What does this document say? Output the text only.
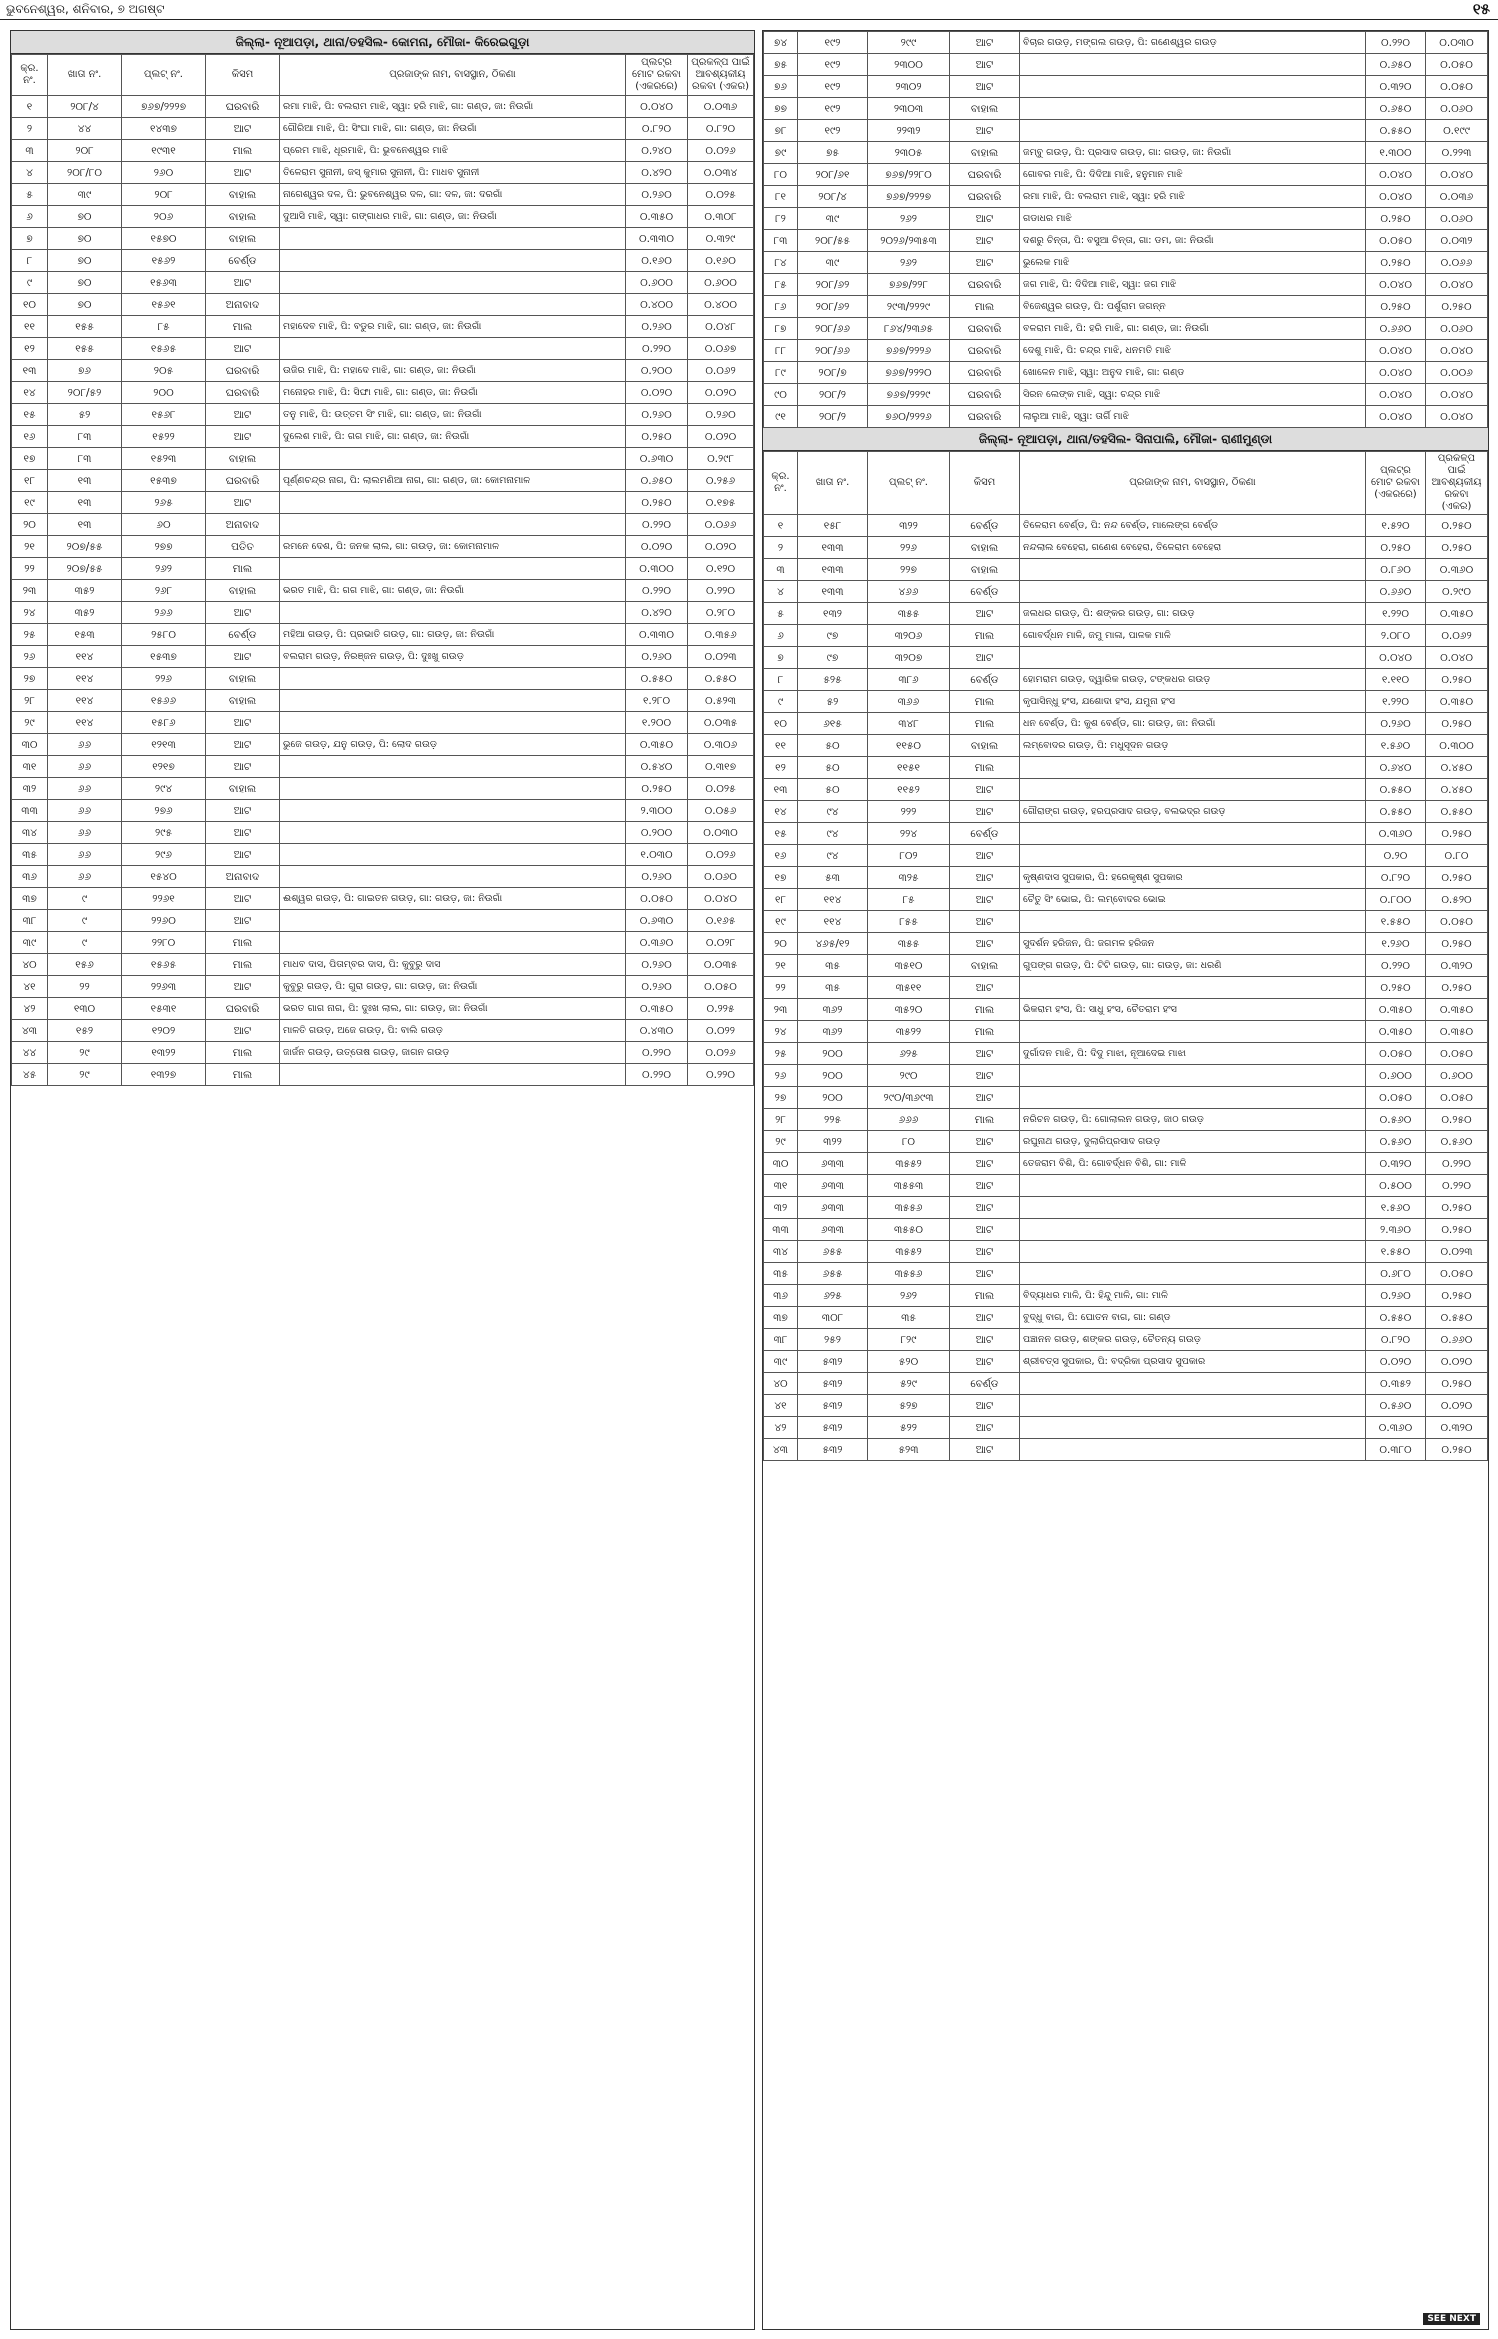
ଭୁବନେଶ୍ୱର, ଶନିବାର, ୭ ଅଗଷ୍ଟ	୧୫
ଜିଲ୍ଲା- ନୂଆପଡ଼ା, ଥାନା/ତହସିଲ- କୋମନା, ମୌଜା- କିରେଇଗୁଡ଼ା
କ୍ର. ନଂ.	ଖାତା ନଂ.	ପ୍ଲଟ୍ ନଂ.	କିସମ	ପ୍ରଜାଙ୍କ ନାମ, ବାସସ୍ଥାନ, ଠିକଣା	ପ୍ଲଟ୍‌ର ମୋଟ ରକବା (ଏକରରେ)	ପ୍ରକଳ୍ପ ପାଇଁ ଆବଶ୍ୟକୀୟ ରକବା (ଏକର)
୧	୨୦୮/୪	୭୬୭/୨୨୨୭	ଘରବାରି	ରମା ମାଝି, ପି: ବଲରାମ ମାଝି, ସ୍ୱା: ହରି ମାଝି, ଗା: ଗଣ୍ଡ, ଜା: ନିଉଗାଁ	୦.୦୪୦	୦.୦୩୬
୨	୪୪	୧୪୩୭	ଆଟ	ଗୌରିଆ ମାଝି, ପି: ସିଂଘା ମାଝି, ଗା: ଗଣ୍ଡ, ଜା: ନିଉଗାଁ	୦.୮୨୦	୦.୮୨୦
୩	୨୦୮	୧୯୩୧	ମାଲ	ପ୍ରେମ ମାଝି, ଧୂରମାଝି, ପି: ଭୁବନେଶ୍ୱର ମାଝି	୦.୨୪୦	୦.୦୨୬
୪	୨୦୮/୮୦	୨୬୦	ଆଟ	ତିଳେରାମ ସୁନାନୀ, ଜସ୍ କୁମାର ସୁନାନୀ, ପି: ମାଧବ ସୁନାନୀ	୦.୪୨୦	୦.୦୩୪
୫	୩୯	୨୦୮	ବାହାଲ	ନାଗେଶ୍ୱର ଦଳ, ପି: ଭୁବନେଶ୍ୱର ଦଳ, ଗା: ଦଳ, ଜା: ଦରଗାଁ	୦.୨୬୦	୦.୦୨୫
୬	୭୦	୨୦୬	ବାହାଲ	ଦୁଆସି ମାଝି, ସ୍ୱା: ଗଙ୍ଗାଧର ମାଝି, ଗା: ଗଣ୍ଡ, ଜା: ନିଉଗାଁ	୦.୩୫୦	୦.୩୦୮
୭	୭୦	୧୫୭୦	ବାହାଲ		୦.୩୩୦	୦.୩୨୯
୮	୭୦	୧୫୬୨	ବେର୍ଣ୍ଡ		୦.୧୬୦	୦.୧୬୦
୯	୭୦	୧୫୬୩	ଆଟ		୦.୬୦୦	୦.୬୦୦
୧୦	୭୦	୧୫୬୧	ଅନାବାଦ		୦.୪୦୦	୦.୪୦୦
୧୧	୧୫୫	୮୫	ମାଲ	ମହାଦେବ ମାଝି, ପି: ବଡୁର ମାଝି, ଗା: ଗଣ୍ଡ, ଜା: ନିଉଗାଁ	୦.୨୬୦	୦.୦୪୮
୧୨	୧୫୫	୧୫୬୫	ଆଟ		୦.୨୨୦	୦.୦୬୭
୧୩	୭୬	୨୦୫	ଘରବାରି	ଉଜିର ମାଝି, ପି: ମହାଦେ ମାଝି, ଗା: ଗଣ୍ଡ, ଜା: ନିଉଗାଁ	୦.୨୦୦	୦.୦୬୨
୧୪	୨୦୮/୫୨	୨୦୦	ଘରବାରି	ମନୋହର ମାଝି, ପି: ସିଙ୍ଘା ମାଝି, ଗା: ଗଣ୍ଡ, ଜା: ନିଉଗାଁ	୦.୦୨୦	୦.୦୨୦
୧୫	୫୨	୧୫୬୮	ଆଟ	ତନୁ ମାଝି, ପି: ଉତ୍ତମ ସିଂ ମାଝି, ଗା: ଗଣ୍ଡ, ଜା: ନିଉଗାଁ	୦.୨୬୦	୦.୨୬୦
୧୬	୮୩	୧୫୨୨	ଆଟ	ଦୁଲେଶ ମାଝି, ପି: ଗଗ ମାଝି, ଗା: ଗଣ୍ଡ, ଜା: ନିଉଗାଁ	୦.୨୫୦	୦.୦୨୦
୧୭	୮୩	୧୫୨୩	ବାହାଲ		୦.୬୩୦	୦.୨୯୮
୧୮	୧୩	୧୫୩୭	ଘରବାରି	ପୂର୍ଣ୍ଣଚନ୍ଦ୍ର ନାଗ, ପି: ଲାଲମଣିଆ ନାଗ, ଗା: ଗଣ୍ଡ, ଜା: କୋମନାମାଳ	୦.୬୫୦	୦.୨୫୬
୧୯	୧୩	୨୬୫	ଆଟ		୦.୨୫୦	୦.୧୭୫
୨୦	୧୩	୬୦	ଅନାବାଦ		୦.୨୨୦	୦.୦୬୬
୨୧	୨୦୭/୫୫	୨୭୭	ପତିତ	ରମନେ ଦେଶ, ପି: ଜନକ ଲାଲ, ଗା: ଗଉଡ଼, ଜା: କୋମନାମାଳ	୦.୦୨୦	୦.୦୨୦
୨୨	୨୦୭/୫୫	୨୬୨	ମାଲ		୦.୩୦୦	୦.୧୨୦
୨୩	୩୫୨	୨୬୮	ବାହାଲ	ଭରତ ମାଝି, ପି: ଗଗ ମାଝି, ଗା: ଗଣ୍ଡ, ଜା: ନିଉଗାଁ	୦.୨୨୦	୦.୨୨୦
୨୪	୩୫୨	୨୬୬	ଆଟ		୦.୪୨୦	୦.୨୮୦
୨୫	୧୫୩	୨୫୮୦	ବେର୍ଣ୍ଡ	ମହିଆ ଗଉଡ଼, ପି: ପ୍ରଭାତି ଗଉଡ଼, ଗା: ଗଉଡ଼, ଜା: ନିଉଗାଁ	୦.୩୩୦	୦.୩୫୬
୨୬	୧୧୪	୧୫୩୭	ଆଟ	ବଲରାମ ଗଉଡ଼, ନିରଞ୍ଜନ ଗଉଡ଼, ପି: ଦୁଃଖୁ ଗଉଡ଼	୦.୨୬୦	୦.୦୨୩
୨୭	୧୧୪	୨୨୬	ବାହାଲ		୦.୫୫୦	୦.୫୫୦
୨୮	୧୧୪	୧୫୬୬	ବାହାଲ		୧.୨୮୦	୦.୫୨୩
୨୯	୧୧୪	୧୫୮୬	ଆଟ		୧.୨୦୦	୦.୦୩୫
୩୦	୬୬	୧୨୧୩	ଆଟ	ଭୁଜେ ଗଉଡ଼, ଯନୁ ଗଉଡ଼, ପି: ଲୋଦ ଗଉଡ଼	୦.୩୫୦	୦.୩୦୬
୩୧	୬୬	୧୨୧୭	ଆଟ		୦.୫୪୦	୦.୩୧୭
୩୨	୬୬	୨୯୪	ବାହାଲ		୦.୨୫୦	୦.୦୨୫
୩୩	୬୬	୨୭୬	ଆଟ		୨.୩୦୦	୦.୦୫୬
୩୪	୬୬	୨୯୫	ଆଟ		୦.୨୦୦	୦.୦୩୦
୩୫	୬୬	୨୯୬	ଆଟ		୧.୦୩୦	୦.୦୨୬
୩୬	୬୬	୧୫୪୦	ଅନାବାଦ		୦.୨୬୦	୦.୦୬୦
୩୭	୯	୨୨୬୧	ଆଟ	ଈଶ୍ୱର ଗଉଡ଼, ପି: ଗାଇତନ ଗଉଡ଼, ଗା: ଗଉଡ଼, ଜା: ନିଉଗାଁ	୦.୦୫୦	୦.୦୪୦
୩୮	୯	୨୨୬୦	ଆଟ		୦.୬୩୦	୦.୧୬୫
୩୯	୯	୨୨୮୦	ମାଲ		୦.୩୬୦	୦.୦୨୮
୪୦	୧୫୬	୧୫୬୫	ମାଲ	ମାଧବ ଦାସ, ପିତାମ୍ବର ଦାସ, ପି: କୁବୁରୁ ଦାସ	୦.୨୬୦	୦.୦୩୫
୪୧	୨୨	୨୨୬୩	ଆଟ	କୁବୁରୁ ଗଉଡ଼, ପି: ଗୁରା ଗଉଡ଼, ଗା: ଗଉଡ଼, ଜା: ନିଉଗାଁ	୦.୨୬୦	୦.୦୫୦
୪୨	୧୩୦	୧୫୩୧	ଘରବାରି	ଭରତ ଗାଗ ନାଗ, ପି: ଦୁଃଖ ଲାଲ, ଗା: ଗଉଡ଼, ଜା: ନିଉଗାଁ	୦.୩୫୦	୦.୨୨୫
୪୩	୧୫୨	୧୨୦୨	ଆଟ	ମାଳତି ଗଉଡ଼, ଅଜେ ଗଉଡ଼, ପି: ବାଲି ଗଉଡ଼	୦.୪୩୦	୦.୦୨୨
୪୪	୨୯	୧୩୨୨	ମାଲ	ଜାର୍ଜନ ଗଉଡ଼, ଉତ୍ତୋଷ ଗଉଡ଼, ଜାଗନ ଗଉଡ଼	୦.୨୨୦	୦.୦୨୬
୪୫	୨୯	୧୩୨୭	ମାଲ		୦.୨୨୦	୦.୨୨୦
୭୪	୧୯୨	୨୯୯	ଆଟ	ବିଚାର ଗଉଡ଼, ମଙ୍ଗଲ ଗଉଡ଼, ପି: ଗଣେଶ୍ୱର ଗଉଡ଼	୦.୨୨୦	୦.୦୩୦
୭୫	୧୯୨	୨୩୦୦	ଆଟ		୦.୬୫୦	୦.୦୫୦
୭୬	୧୯୨	୨୩୦୨	ଆଟ		୦.୩୨୦	୦.୦୫୦
୭୭	୧୯୨	୨୩୦୩	ବାହାଲ		୦.୬୫୦	୦.୦୬୦
୭୮	୧୯୨	୨୨୩୨	ଆଟ		୦.୫୫୦	୦.୧୯୯
୭୯	୭୫	୨୩୦୫	ବାହାଲ	ଜମ୍ବୁ ଗଉଡ଼, ପି: ପ୍ରସାଦ ଗଉଡ଼, ଗା: ଗଉଡ଼, ଜା: ନିଉଗାଁ	୧.୩୦୦	୦.୨୨୩
୮୦	୨୦୮/୬୧	୭୬୭/୨୨୮୦	ଘରବାରି	ଗୋବର ମାଝି, ପି: ଦିଦିଆ ମାଝି, ହନୁମାନ ମାଝି	୦.୦୪୦	୦.୦୪୦
୮୧	୨୦୮/୪	୭୬୭/୨୨୨୭	ଘରବାରି	ରମା ମାଝି, ପି: ବଲରାମ ମାଝି, ସ୍ୱା: ହରି ମାଝି	୦.୦୪୦	୦.୦୩୬
୮୨	୩୯	୨୬୨	ଆଟ	ଗଡାଧର ମାଝି	୦.୨୫୦	୦.୦୬୦
୮୩	୨୦୮/୫୫	୨୦୨୬/୨୩୫୩	ଆଟ	ଦଶରୁ ଚିନ୍ତା, ପି: ବସୁଆ ଚିନ୍ତା, ଗା: ଡମ, ଜା: ନିଉଗାଁ	୦.୦୫୦	୦.୦୩୨
୮୪	୩୯	୨୬୨	ଆଟ	ଭୁଲେକ ମାଝି	୦.୨୫୦	୦.୦୬୬
୮୫	୨୦୮/୬୨	୭୬୭/୨୨୮	ଘରବାରି	ଜଗ ମାଝି, ପି: ଦିଦିଆ ମାଝି, ସ୍ୱା: ଜଗ ମାଝି	୦.୦୪୦	୦.୦୪୦
୮୬	୨୦୮/୬୨	୨୯୩/୨୨୨୯	ମାଲ	ବିଜେଶ୍ୱର ଗଉଡ଼, ପି: ପର୍ଶୁରାମ ଜଗନ୍ନ	୦.୨୫୦	୦.୨୫୦
୮୭	୨୦୮/୬୬	୮୬୪/୨୩୬୫	ଘରବାରି	ବଳରାମ ମାଝି, ପି: ହରି ମାଝି, ଗା: ଗଣ୍ଡ, ଜା: ନିଉଗାଁ	୦.୬୬୦	୦.୦୬୦
୮୮	୨୦୮/୬୬	୭୬୭/୨୨୨୬	ଘରବାରି	ଦେଶୁ ମାଝି, ପି: ଚନ୍ଦ୍ର ମାଝି, ଧନମତି ମାଝି	୦.୦୪୦	୦.୦୪୦
୮୯	୨୦୮/୭	୭୬୭/୨୨୨୦	ଘରବାରି	ଖୋଳେନ ମାଝି, ସ୍ୱା: ଅନୁଦ ମାଝି, ଗା: ଗଣ୍ଡ	୦.୦୪୦	୦.୦୦୬
୯୦	୨୦୮/୨	୭୬୭/୨୨୨୯	ଘରବାରି	ସିରନ ଲେଙ୍କ ମାଝି, ସ୍ୱା: ଚନ୍ଦ୍ର ମାଝି	୦.୦୪୦	୦.୦୪୦
୯୧	୨୦୮/୨	୭୬୦/୨୨୨୬	ଘରବାରି	ଲାଲୁଆ ମାଝି, ସ୍ୱା: ତାର୍ଗି ମାଝି	୦.୦୪୦	୦.୦୪୦
ଜିଲ୍ଲା- ନୂଆପଡ଼ା, ଥାନା/ତହସିଲ- ସିନାପାଲି, ମୌଜା- ରାଣୀମୁଣ୍ଡା
କ୍ର. ନଂ.	ଖାତା ନଂ.	ପ୍ଲଟ୍ ନଂ.	କିସମ	ପ୍ରଜାଙ୍କ ନାମ, ବାସସ୍ଥାନ, ଠିକଣା	ପ୍ଲଟ୍‌ର ମୋଟ ରକବା (ଏକରରେ)	ପ୍ରକଳ୍ପ ପାଇଁ ଆବଶ୍ୟକୀୟ ରକବା (ଏକର)
୧	୧୫୮	୩୨୨	ବେର୍ଣ୍ଡ	ତିଳେରାମ ବେର୍ଣ୍ଡ, ପି: ନନ୍ଦ ବେର୍ଣ୍ଡ, ମାଲେଙ୍ଗ ବେର୍ଣ୍ଡ	୧.୫୨୦	୦.୨୫୦
୨	୧୩୩	୨୨୬	ବାହାଲ	ନନ୍ଦଲାଲ ବେହେରା, ଗଣେଶ ବେହେରା, ତିଳେରାମ ବେହେରା	୦.୨୫୦	୦.୨୫୦
୩	୧୩୩	୨୨୭	ବାହାଲ		୦.୮୬୦	୦.୩୬୦
୪	୧୩୩	୪୬୬	ବେର୍ଣ୍ଡ		୦.୬୬୦	୦.୨୯୦
୫	୧୩୨	୩୫୫	ଆଟ	ଜଲଧର ଗଉଡ଼, ପି: ଶଙ୍କର ଗଉଡ଼, ଗା: ଗଉଡ଼	୧.୨୨୦	୦.୩୫୦
୬	୯୭	୩୨୦୬	ମାଲ	ଗୋବର୍ଦ୍ଧନ ମାଳି, ଜମୁ ମାଳା, ପାଳକ ମାଳି	୨.୦୮୦	୦.୦୬୨
୭	୯୭	୩୨୦୭	ଆଟ		୦.୦୪୦	୦.୦୪୦
୮	୫୨୫	୩୮୬	ବେର୍ଣ୍ଡ	ହୋମରାମ ଗଉଡ଼, ଦ୍ୱାରିକ ଗଉଡ଼, ଟଙ୍କଧର ଗଉଡ଼	୧.୧୧୦	୦.୨୫୦
୯	୫୨	୩୬୬	ମାଲ	କୃପାସିନ୍ଧୁ ହଂସ, ଯଶୋଦା ହଂସ, ଯମୁନା ହଂସ	୧.୨୨୦	୦.୩୫୦
୧୦	୬୧୫	୩୪୮	ମାଲ	ଧନ ବେର୍ଣ୍ଡ, ପି: କୁଶ ବେର୍ଣ୍ଡ, ଗା: ଗଉଡ଼, ଜା: ନିଉଗାଁ	୦.୨୬୦	୦.୨୫୦
୧୧	୫୦	୧୧୫୦	ବାହାଲ	ଲମ୍ବୋଦର ଗଉଡ଼, ପି: ମଧୁସୂଦନ ଗଉଡ଼	୧.୫୬୦	୦.୩୦୦
୧୨	୫୦	୧୧୫୧	ମାଲ		୦.୬୪୦	୦.୪୫୦
୧୩	୫୦	୧୧୫୨	ଆଟ		୦.୫୫୦	୦.୪୫୦
୧୪	୯୪	୨୨୨	ଆଟ	ଗୌରାଙ୍ଗ ଗଉଡ଼, ହରପ୍ରସାଦ ଗଉଡ଼, ବଲଭଦ୍ର ଗଉଡ଼	୦.୫୫୦	୦.୫୫୦
୧୫	୯୪	୨୨୪	ବେର୍ଣ୍ଡ		୦.୩୬୦	୦.୨୫୦
୧୬	୯୪	୮୦୨	ଆଟ		୦.୨୦	୦.୮୦
୧୭	୫୩	୩୨୫	ଆଟ	କୃଷ୍ଣଦାସ ସୁପକାର, ପି: ହରେକୃଷ୍ଣ ସୁପକାର	୦.୮୨୦	୦.୨୫୦
୧୮	୧୧୪	୮୫	ଆଟ	ଚୈତୁ ସିଂ ଭୋଇ, ପି: ଲମ୍ବୋଦର ଭୋଇ	୦.୮୦୦	୦.୫୨୦
୧୯	୧୧୪	୮୫୫	ଆଟ		୧.୫୫୦	୦.୦୫୦
୨୦	୪୬୫/୧୨	୩୫୫	ଆଟ	ସୁଦର୍ଶନ ହରିଜନ, ପି: ଜଗମଳ ହରିଜନ	୧.୨୬୦	୦.୨୫୦
୨୧	୩୫	୩୫୧୦	ବାହାଲ	ଗୁପଙ୍ଗ ଗଉଡ଼, ପି: ଟିଟି ଗଉଡ଼, ଗା: ଗଉଡ଼, ଜା: ଧରଣି	୦.୨୨୦	୦.୩୨୦
୨୨	୩୫	୩୫୧୧	ଆଟ		୦.୨୫୦	୦.୨୫୦
୨୩	୩୬୨	୩୫୨୦	ମାଲ	ଭିକରାମ ହଂସ, ପି: ସାଧୁ ହଂସ, ଚୈତରାମ ହଂସ	୦.୩୫୦	୦.୩୫୦
୨୪	୩୬୨	୩୫୨୨	ମାଲ		୦.୩୫୦	୦.୩୫୦
୨୫	୨୦୦	୬୨୫	ଆଟ	ଦୁର୍ଗାଦନ ମାଝି, ପି: ଦିଦୁ ମାଝା, ନୂଆଦେଇ ମାଝା	୦.୦୫୦	୦.୦୫୦
୨୬	୨୦୦	୨୯୦	ଆଟ		୦.୬୦୦	୦.୬୦୦
୨୭	୨୦୦	୨୯୦/୩୬୯୩	ଆଟ		୦.୦୫୦	୦.୦୫୦
୨୮	୨୨୫	୬୬୬	ମାଲ	ନରିଚନ ଗଉଡ଼, ପି: ଗୋଲାଲନ ଗଉଡ଼, ଜାଠ ଗଉଡ଼	୦.୫୬୦	୦.୨୫୦
୨୯	୩୨୨	୮୦	ଆଟ	ରଘୁନାଥ ଗଉଡ଼, ଦୁଲାରିପ୍ରସାଦ ଗଉଡ଼	୦.୫୬୦	୦.୫୬୦
୩୦	୬୩୩	୩୫୫୨	ଆଟ	ତେଜରାମ ବିଶି, ପି: ଗୋବର୍ଦ୍ଧନ ବିଶି, ଗା: ମାଳି	୦.୩୨୦	୦.୨୨୦
୩୧	୬୩୩	୩୫୫୩	ଆଟ		୦.୫୦୦	୦.୨୨୦
୩୨	୬୩୩	୩୫୫୬	ଆଟ		୧.୫୬୦	୦.୨୫୦
୩୩	୬୩୩	୩୫୫୦	ଆଟ		୨.୩୬୦	୦.୨୫୦
୩୪	୬୫୫	୩୫୫୨	ଆଟ		୧.୫୫୦	୦.୦୨୩
୩୫	୬୫୫	୩୫୫୬	ଆଟ		୦.୬୮୦	୦.୦୫୦
୩୬	୬୨୫	୨୬୨	ମାଲ	ବିଦ୍ୟାଧର ମାଳି, ପି: ହିନ୍ଦୁ ମାଳି, ଗା: ମାଳି	୦.୨୬୦	୦.୨୫୦
୩୭	୩୦୮	୩୫	ଆଟ	ବୁଦ୍ଧୁ ବାଗ, ପି: ଘୋତନ ବାଗ, ଗା: ଗଣ୍ଡ	୦.୫୫୦	୦.୫୫୦
୩୮	୨୫୨	୮୨୯	ଆଟ	ପଞ୍ଚାନନ ଗଉଡ଼, ଶଙ୍କର ଗଉଡ଼, ଚୈତନ୍ୟ ଗଉଡ଼	୦.୮୨୦	୦.୬୬୦
୩୯	୫୩୨	୫୨୦	ଆଟ	ଶ୍ରୀବତ୍ସ ସୁପକାର, ପି: ବଦ୍ରିକା ପ୍ରସାଦ ସୁପକାର	୦.୦୨୦	୦.୦୨୦
୪୦	୫୩୨	୫୨୯	ବେର୍ଣ୍ଡ		୦.୩୫୨	୦.୨୫୦
୪୧	୫୩୨	୫୨୭	ଆଟ		୦.୫୬୦	୦.୦୨୦
୪୨	୫୩୨	୫୨୨	ଆଟ		୦.୩୬୦	୦.୩୨୦
୪୩	୫୩୨	୫୨୩	ଆଟ		୦.୩୮୦	୦.୨୫୦
SEE NEXT
